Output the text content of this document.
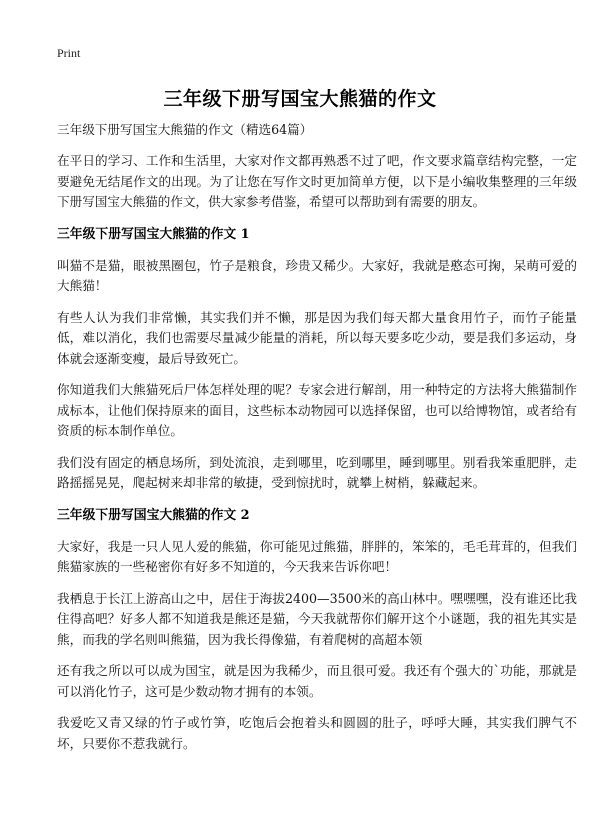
Print
三年级下册写国宝大熊猫的作文
三年级下册写国宝大熊猫的作文（精选64篇）

在平日的学习、工作和生活里，大家对作文都再熟悉不过了吧，作文要求篇章结构完整，一定要避免无结尾作文的出现。为了让您在写作文时更加简单方便，以下是小编收集整理的三年级下册写国宝大熊猫的作文，供大家参考借鉴，希望可以帮助到有需要的朋友。

三年级下册写国宝大熊猫的作文 1

叫猫不是猫，眼被黑圈包，竹子是粮食，珍贵又稀少。大家好，我就是憨态可掬，呆萌可爱的大熊猫！

有些人认为我们非常懒，其实我们并不懒，那是因为我们每天都大量食用竹子，而竹子能量低，难以消化，我们也需要尽量减少能量的消耗，所以每天要多吃少动，要是我们多运动，身体就会逐渐变瘦，最后导致死亡。

你知道我们大熊猫死后尸体怎样处理的呢？专家会进行解剖，用一种特定的方法将大熊猫制作成标本，让他们保持原来的面目，这些标本动物园可以选择保留，也可以给博物馆，或者给有资质的标本制作单位。

我们没有固定的栖息场所，到处流浪，走到哪里，吃到哪里，睡到哪里。别看我笨重肥胖，走路摇摇晃晃，爬起树来却非常的敏捷，受到惊扰时，就攀上树梢，躲藏起来。

三年级下册写国宝大熊猫的作文 2

大家好，我是一只人见人爱的熊猫，你可能见过熊猫，胖胖的，笨笨的，毛毛茸茸的，但我们熊猫家族的一些秘密你有好多不知道的，今天我来告诉你吧！

我栖息于长江上游高山之中，居住于海拔2400—3500米的高山林中。嘿嘿嘿，没有谁还比我住得高吧？好多人都不知道我是熊还是猫，今天我就帮你们解开这个小谜题，我的祖先其实是熊，而我的学名则叫熊猫，因为我长得像猫，有着爬树的高超本领

还有我之所以可以成为国宝，就是因为我稀少，而且很可爱。我还有个强大的`功能，那就是可以消化竹子，这可是少数动物才拥有的本领。

我爱吃又青又绿的竹子或竹笋，吃饱后会抱着头和圆圆的肚子，呼呼大睡，其实我们脾气不坏，只要你不惹我就行。
